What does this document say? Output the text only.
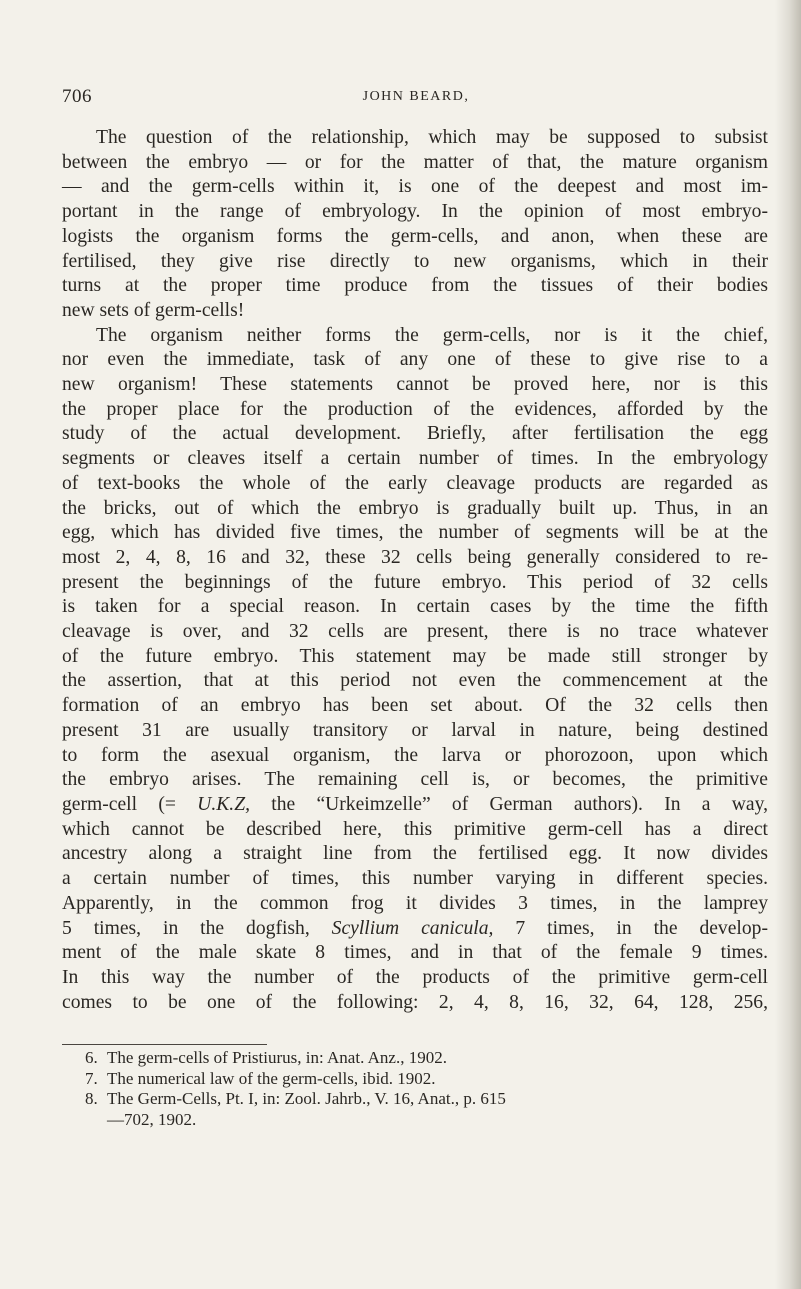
706	JOHN BEARD,

The question of the relationship, which may be supposed to subsist

between the embryo — or for the matter of that, the mature organism

— and the germ-cells within it, is one of the deepest and most im-

portant in the range of embryology. In the opinion of most embryo-

logists the organism forms the germ-cells, and anon, when these are

fertilised, they give rise directly to new organisms, which in their

turns at the proper time produce from the tissues of their bodies

new sets of germ-cells!

The organism neither forms the germ-cells, nor is it the chief,

nor even the immediate, task of any one of these to give rise to a

new organism! These statements cannot be proved here, nor is this

the proper place for the production of the evidences, afforded by the

study of the actual development. Briefly, after fertilisation the egg

segments or cleaves itself a certain number of times. In the embryology

of text-books the whole of the early cleavage products are regarded as

the bricks, out of which the embryo is gradually built up. Thus, in an

egg, which has divided five times, the number of segments will be at the

most 2, 4, 8, 16 and 32, these 32 cells being generally considered to re-

present the beginnings of the future embryo. This period of 32 cells

is taken for a special reason. In certain cases by the time the fifth

cleavage is over, and 32 cells are present, there is no trace whatever

of the future embryo. This statement may be made still stronger by

the assertion, that at this period not even the commencement at the

formation of an embryo has been set about. Of the 32 cells then

present 31 are usually transitory or larval in nature, being destined

to form the asexual organism, the larva or phorozoon, upon which

the embryo arises. The remaining cell is, or becomes, the primitive

germ-cell (= U.K.Z, the “Urkeimzelle” of German authors). In a way,

which cannot be described here, this primitive germ-cell has a direct

ancestry along a straight line from the fertilised egg. It now divides

a certain number of times, this number varying in different species.

Apparently, in the common frog it divides 3 times, in the lamprey

5 times, in the dogfish, Scyllium canicula, 7 times, in the develop-

ment of the male skate 8 times, and in that of the female 9 times.

In this way the number of the products of the primitive germ-cell

comes to be one of the following: 2, 4, 8, 16, 32, 64, 128, 256,

6. The germ-cells of Pristiurus, in: Anat. Anz., 1902.

7. The numerical law of the germ-cells, ibid. 1902.

8. The Germ-Cells, Pt. I, in: Zool. Jahrb., V. 16, Anat., p. 615

—702, 1902.
